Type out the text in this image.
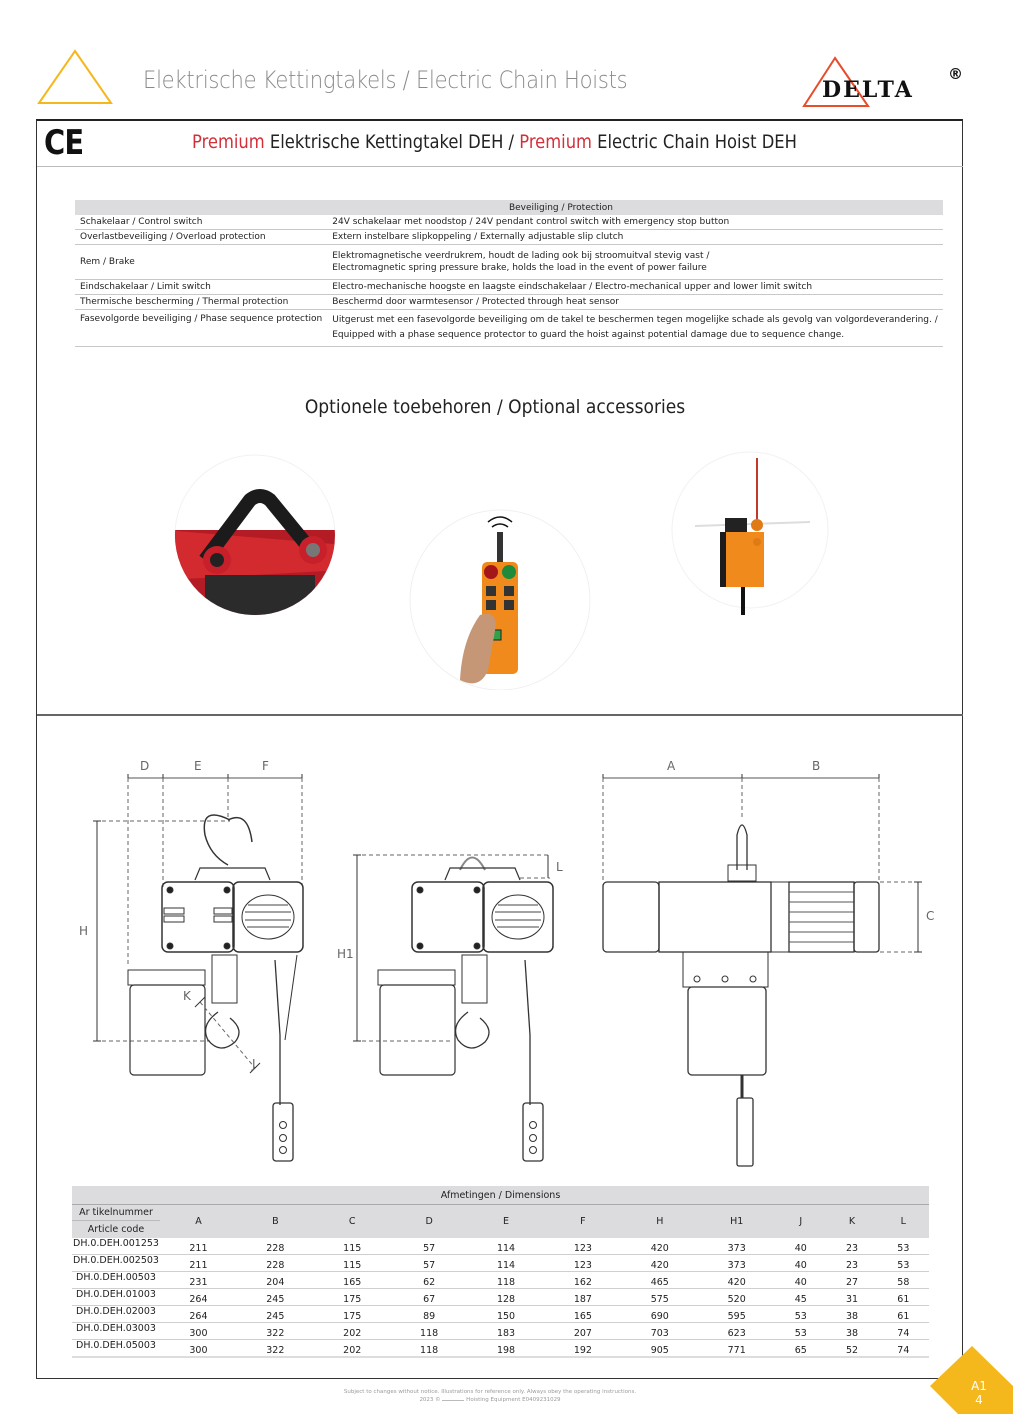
Elektrische Kettingtakels / Electric Chain Hoists	DELTA
®
CE	Premium Elektrische Kettingtakel DEH / Premium Electric Chain Hoist DEH
Beveiliging / Protection	
Schakelaar / Control switch	24V schakelaar met noodstop / 24V pendant control switch with emergency stop button
Overlastbeveiliging / Overload protection	Extern instelbare slipkoppeling / Externally adjustable slip clutch
Rem / Brake	Elektromagnetische veerdrukrem, houdt de lading ook bij stroomuitval stevig vast /
Electromagnetic spring pressure brake, holds the load in the event of power failure

Eindschakelaar / Limit switch	Electro-mechanische hoogste en laagste eindschakelaar / Electro-mechanical upper and lower limit switch
Thermische bescherming / Thermal protection	Beschermd door warmtesensor / Protected through heat sensor
Fasevolgorde beveiliging / Phase sequence protection	Uitgerust met een fasevolgorde beveiliging om de takel te beschermen tegen mogelijke schade als gevolg van volgordeverandering. /
Equipped with a phase sequence protector to guard the hoist against potential damage due to sequence change.
Optionele toebehoren / Optional accessories
D	E	F
H
K
J
H1
L
A	B
C
Afmetingen / Dimensions											

Ar tikelnummer
Article code	A	B	C	D	E	F	H	H1	J	K	L
DH.0.DEH.001253	211	228	115	57	114	123	420	373	40	23	53
DH.0.DEH.002503	211	228	115	57	114	123	420	373	40	23	53
DH.0.DEH.00503	231	204	165	62	118	162	465	420	40	27	58
DH.0.DEH.01003	264	245	175	67	128	187	575	520	45	31	61
DH.0.DEH.02003	264	245	175	89	150	165	690	595	53	38	61
DH.0.DEH.03003	300	322	202	118	183	207	703	623	53	38	74
DH.0.DEH.05003	300	322	202	118	198	192	905	771	65	52	74
Subject to changes without notice. Illustrations for reference only. Always obey the operating instructions.
2023 ©	Hoisting Equipment E0409231029
A1
4
